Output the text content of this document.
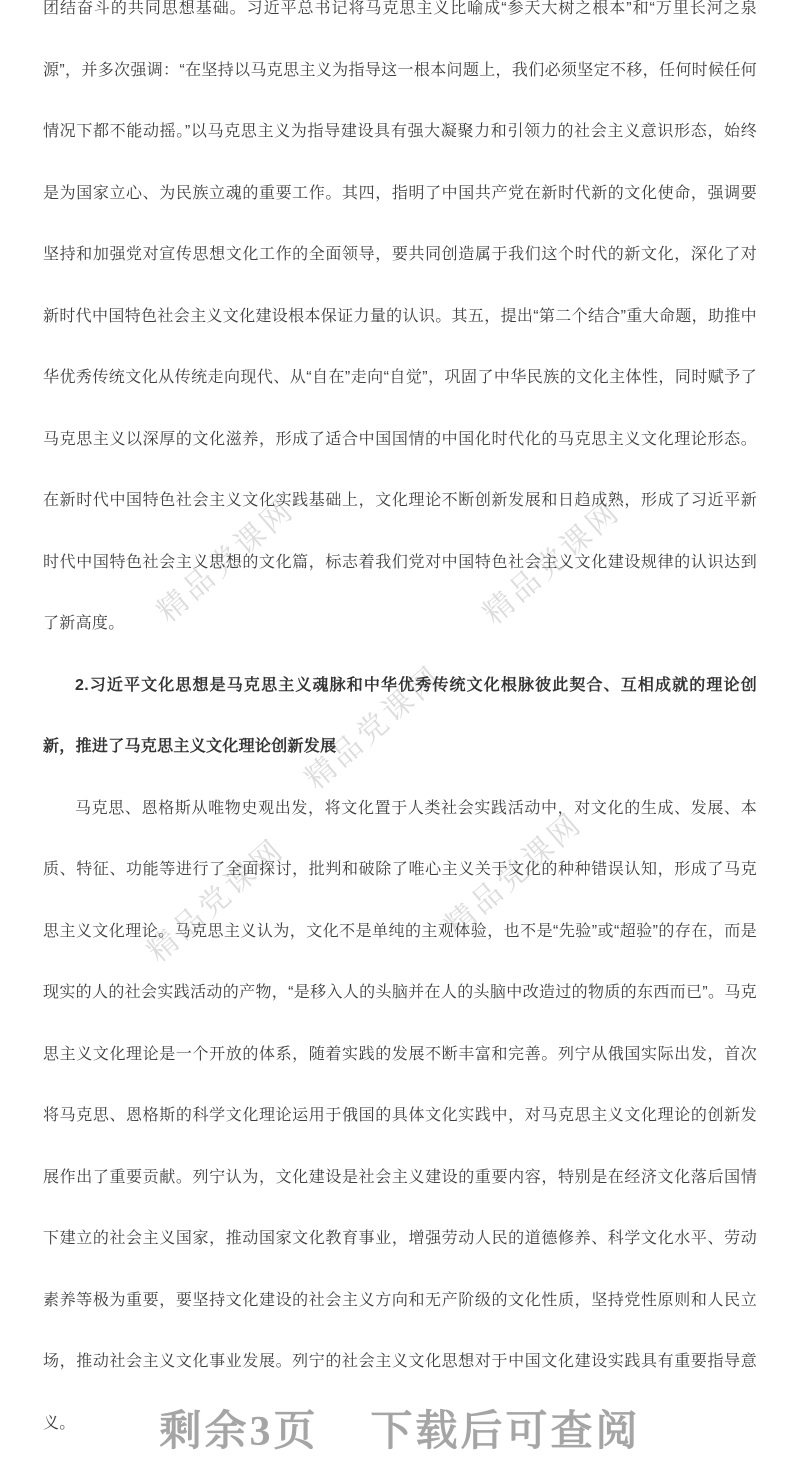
精品党课网	精品党课网
精品党课网
精品党课网	精品党课网

团结奋斗的共同思想基础。习近平总书记将马克思主义比喻成“参天大树之根本”和“万里长河之泉源”，并多次强调：“在坚持以马克思主义为指导这一根本问题上，我们必须坚定不移，任何时候任何情况下都不能动摇。”以马克思主义为指导建设具有强大凝聚力和引领力的社会主义意识形态，始终是为国家立心、为民族立魂的重要工作。其四，指明了中国共产党在新时代新的文化使命，强调要坚持和加强党对宣传思想文化工作的全面领导，要共同创造属于我们这个时代的新文化，深化了对新时代中国特色社会主义文化建设根本保证力量的认识。其五，提出“第二个结合”重大命题，助推中华优秀传统文化从传统走向现代、从“自在”走向“自觉”，巩固了中华民族的文化主体性，同时赋予了马克思主义以深厚的文化滋养，形成了适合中国国情的中国化时代化的马克思主义文化理论形态。在新时代中国特色社会主义文化实践基础上，文化理论不断创新发展和日趋成熟，形成了习近平新时代中国特色社会主义思想的文化篇，标志着我们党对中国特色社会主义文化建设规律的认识达到了新高度。

2.习近平文化思想是马克思主义魂脉和中华优秀传统文化根脉彼此契合、互相成就的理论创新，推进了马克思主义文化理论创新发展

马克思、恩格斯从唯物史观出发，将文化置于人类社会实践活动中，对文化的生成、发展、本质、特征、功能等进行了全面探讨，批判和破除了唯心主义关于文化的种种错误认知，形成了马克思主义文化理论。马克思主义认为，文化不是单纯的主观体验，也不是“先验”或“超验”的存在，而是现实的人的社会实践活动的产物，“是移入人的头脑并在人的头脑中改造过的物质的东西而已”。马克思主义文化理论是一个开放的体系，随着实践的发展不断丰富和完善。列宁从俄国实际出发，首次将马克思、恩格斯的科学文化理论运用于俄国的具体文化实践中，对马克思主义文化理论的创新发展作出了重要贡献。列宁认为，文化建设是社会主义建设的重要内容，特别是在经济文化落后国情下建立的社会主义国家，推动国家文化教育事业，增强劳动人民的道德修养、科学文化水平、劳动素养等极为重要，要坚持文化建设的社会主义方向和无产阶级的文化性质，坚持党性原则和人民立场，推动社会主义文化事业发展。列宁的社会主义文化思想对于中国文化建设实践具有重要指导意义。	剩余3页 下载后可查阅
